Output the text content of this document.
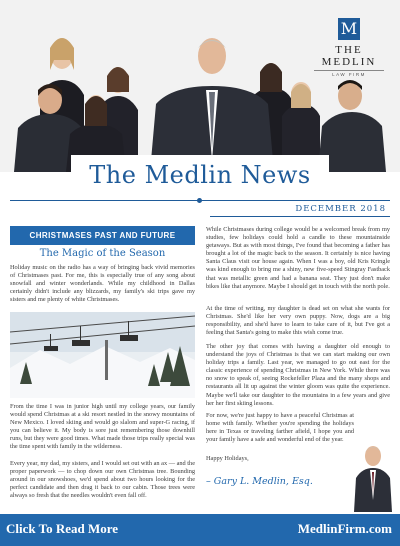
M
THE MEDLIN
LAW FIRM
The Medlin News
DECEMBER 2018
CHRISTMASES PAST AND FUTURE
The Magic of the Season

Holiday music on the radio has a way of bringing back vivid memories of Christmases past. For me, this is especially true of any song about snowfall and winter wonderlands. While my childhood in Dallas certainly didn't include any blizzards, my family's ski trips gave my sisters and me plenty of white Christmases.

From the time I was in junior high until my college years, our family would spend Christmas at a ski resort nestled in the snowy mountains of New Mexico. I loved skiing and would go slalom and super-G racing, if you can believe it. My body is sore just remembering those downhill runs, but they were good times. What made those trips really special was the time spent with family in the wilderness.

Every year, my dad, my sisters, and I would set out with an ax — and the proper paperwork — to chop down our own Christmas tree. Bounding around in our snowshoes, we'd spend about two hours looking for the perfect candidate and then drag it back to our cabin. Those trees were always so fresh that the needles wouldn't even fall off.

While Christmases during college would be a welcomed break from my studies, few holidays could hold a candle to these mountainside getaways. But as with most things, I've found that becoming a father has brought a lot of the magic back to the season. It certainly is nice having Santa Claus visit our house again. When I was a boy, old Kris Kringle was kind enough to bring me a shiny, new five-speed Stingray Fastback that was metallic green and had a banana seat. They just don't make bikes like that anymore. Maybe I should get in touch with the north pole.

At the time of writing, my daughter is dead set on what she wants for Christmas. She'd like her very own puppy. Now, dogs are a big responsibility, and she'd have to learn to take care of it, but I've got a feeling that Santa's going to make this wish come true.

The other joy that comes with having a daughter old enough to understand the joys of Christmas is that we can start making our own holiday trips a family. Last year, we managed to go out east for the classic experience of spending Christmas in New York. While there was no snow to speak of, seeing Rockefeller Plaza and the many shops and restaurants all lit up against the winter gloom was quite the experience. Maybe we'll take our daughter to the mountains in a few years and give her her first skiing lessons.

For now, we're just happy to have a peaceful Christmas at home with family. Whether you're spending the holidays here in Texas or traveling farther afield, I hope you and your family have a safe and wonderful end of the year.

Happy Holidays,

– Gary L. Medlin, Esq.
Click To Read More	MedlinFirm.com
